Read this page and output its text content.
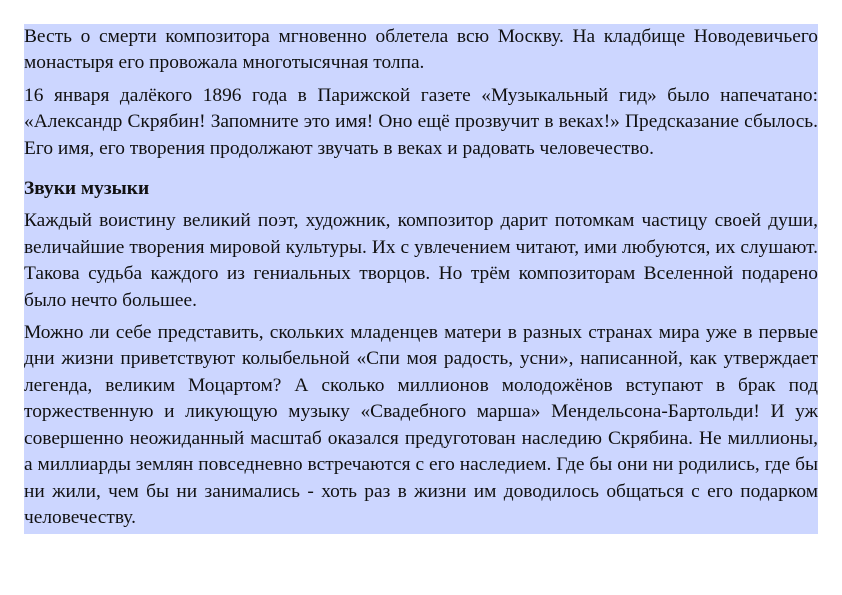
Весть о смерти композитора мгновенно облетела всю Москву. На кладбище Новодевичьего монастыря его провожала многотысячная толпа.

16 января далёкого 1896 года в Парижской газете «Музыкальный гид» было напечатано: «Александр Скрябин! Запомните это имя! Оно ещё прозвучит в веках!» Предсказание сбылось. Его имя, его творения продолжают звучать в веках и радовать человечество.

Звуки музыки

Каждый воистину великий поэт, художник, композитор дарит потомкам частицу своей души, величайшие творения мировой культуры. Их с увлечением читают, ими любуются, их слушают. Такова судьба каждого из гениальных творцов. Но трём композиторам Вселенной подарено было нечто большее.

Можно ли себе представить, скольких младенцев матери в разных странах мира уже в первые дни жизни приветствуют колыбельной «Спи моя радость, усни», написанной, как утверждает легенда, великим Моцартом? А сколько миллионов молодожёнов вступают в брак под торжественную и ликующую музыку «Свадебного марша» Мендельсона-Бартольди! И уж совершенно неожиданный масштаб оказался предуготован наследию Скрябина. Не миллионы, а миллиарды землян повседневно встречаются с его наследием. Где бы они ни родились, где бы ни жили, чем бы ни занимались - хоть раз в жизни им доводилось общаться с его подарком человечеству.
